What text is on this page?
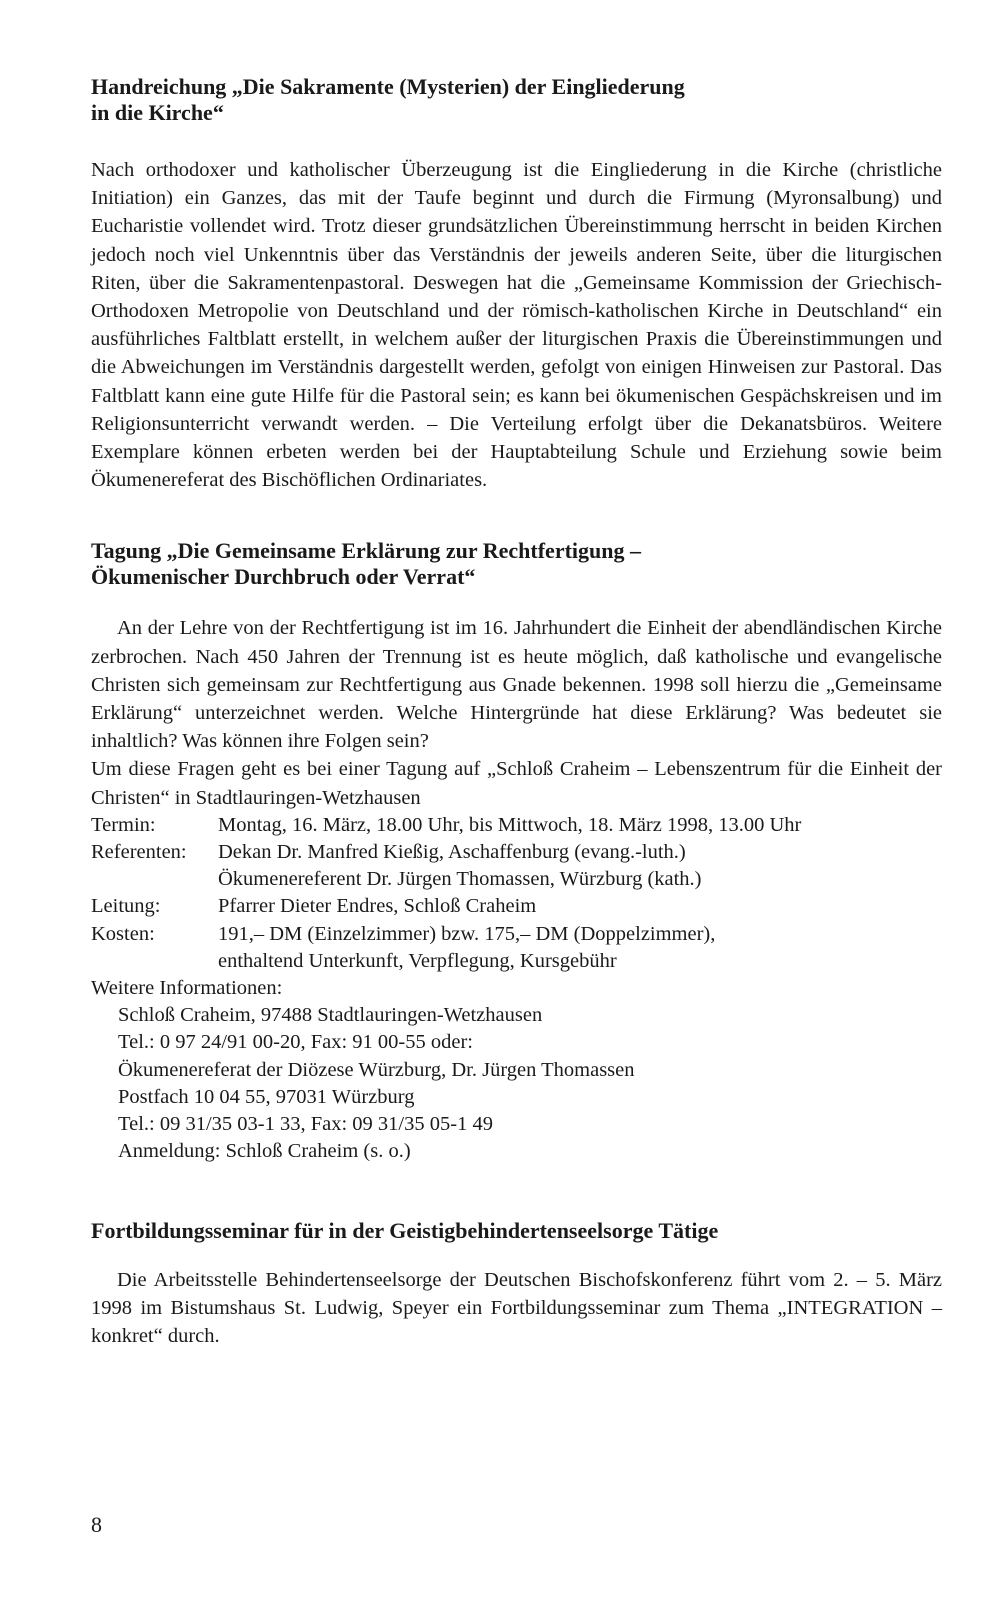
Handreichung „Die Sakramente (Mysterien) der Eingliederung
in die Kirche“

Nach orthodoxer und katholischer Überzeugung ist die Eingliederung in die Kirche (christliche Initiation) ein Ganzes, das mit der Taufe beginnt und durch die Firmung (Myronsalbung) und Eucharistie vollendet wird. Trotz dieser grundsätzlichen Übereinstimmung herrscht in beiden Kirchen jedoch noch viel Unkenntnis über das Verständnis der jeweils anderen Seite, über die liturgischen Riten, über die Sakramentenpastoral. Deswegen hat die „Gemeinsame Kommission der Griechisch-Orthodoxen Metropolie von Deutschland und der römisch-katholischen Kirche in Deutschland“ ein ausführliches Faltblatt erstellt, in welchem außer der liturgischen Praxis die Übereinstimmungen und die Abweichungen im Verständnis dargestellt werden, gefolgt von einigen Hinweisen zur Pastoral. Das Faltblatt kann eine gute Hilfe für die Pastoral sein; es kann bei ökumenischen Gespächskreisen und im Religionsunterricht verwandt werden. – Die Verteilung erfolgt über die Dekanatsbüros. Weitere Exemplare können erbeten werden bei der Hauptabteilung Schule und Erziehung sowie beim Ökumenereferat des Bischöflichen Ordinariates.

Tagung „Die Gemeinsame Erklärung zur Rechtfertigung –
Ökumenischer Durchbruch oder Verrat“

An der Lehre von der Rechtfertigung ist im 16. Jahrhundert die Einheit der abendländischen Kirche zerbrochen. Nach 450 Jahren der Trennung ist es heute möglich, daß katholische und evangelische Christen sich gemeinsam zur Rechtfertigung aus Gnade bekennen. 1998 soll hierzu die „Gemeinsame Erklärung“ unterzeichnet werden. Welche Hintergründe hat diese Erklärung? Was bedeutet sie inhaltlich? Was können ihre Folgen sein?

Um diese Fragen geht es bei einer Tagung auf „Schloß Craheim – Lebenszentrum für die Einheit der Christen“ in Stadtlauringen-Wetzhausen

Termin:	Montag, 16. März, 18.00 Uhr, bis Mittwoch, 18. März 1998, 13.00 Uhr
Referenten:	Dekan Dr. Manfred Kießig, Aschaffenburg (evang.-luth.)
Ökumenereferent Dr. Jürgen Thomassen, Würzburg (kath.)
Leitung:	Pfarrer Dieter Endres, Schloß Craheim
Kosten:	191,– DM (Einzelzimmer) bzw. 175,– DM (Doppelzimmer),
enthaltend Unterkunft, Verpflegung, Kursgebühr
Weitere Informationen:
Schloß Craheim, 97488 Stadtlauringen-Wetzhausen
Tel.: 0 97 24/91 00-20, Fax: 91 00-55 oder:
Ökumenereferat der Diözese Würzburg, Dr. Jürgen Thomassen
Postfach 10 04 55, 97031 Würzburg
Tel.: 09 31/35 03-1 33, Fax: 09 31/35 05-1 49
Anmeldung: Schloß Craheim (s. o.)
Fortbildungsseminar für in der Geistigbehindertenseelsorge Tätige

Die Arbeitsstelle Behindertenseelsorge der Deutschen Bischofskonferenz führt vom 2. – 5. März 1998 im Bistumshaus St. Ludwig, Speyer ein Fortbildungsseminar zum Thema „INTEGRATION – konkret“ durch.

8
